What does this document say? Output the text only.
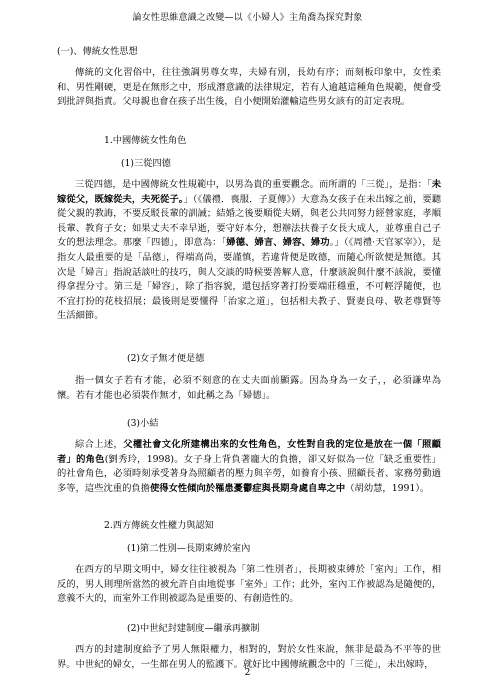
論女性思維意識之改變—以《小婦人》主角喬為探究對象
(一)、傳統女性思想

傳統的文化習俗中，往往強調男尊女卑，夫婦有別，長幼有序；而刻板印象中，女性柔和、男性剛硬，更是在無形之中，形成潛意識的法律規定，若有人逾越這種角色規範，便會受到批評與指責。父母親也會在孩子出生後，自小便開始灌輸這些男女該有的訂定表現。

1.中國傳統女性角色
(1)三從四德

三從四德，是中國傳統女性規範中，以男為貴的重要觀念。而所謂的「三從」，是指：「未嫁從父，既嫁從夫，夫死從子。」（《儀禮．喪服．子夏傳》）大意為女孩子在未出嫁之前，要聽從父親的教誨，不要反駁長輩的訓誡；結婚之後要順從夫婿，與老公共同努力經營家庭，孝順長輩、教育子女；如果丈夫不幸早逝，要守好本分，想辦法扶養子女長大成人，並尊重自己子女的想法理念。那麼「四德」，即意為：「婦德、婦言、婦容、婦功。」（《周禮·天官冢宰》），是指女人最重要的是「品德」，得端高尚，要謹慎，若違背便是敗德，而隨心所欲便是無德。其次是「婦言」指說話談吐的技巧，與人交談的時候要善解人意，什麼該說與什麼不該說，要懂得拿捏分寸。第三是「婦容」，除了指容貌，還包括穿著打扮要端莊穩重，不可輕浮隨便，也不宜打扮的花枝招展；最後則是要懂得「治家之道」，包括相夫教子、賢妻良母、敬老尊賢等生活細節。

(2)女子無才便是德

指一個女子若有才能，必須不刻意的在丈夫面前顯露。因為身為一女子，，必須謙卑為懷。若有才能也必須裝作無才，如此稱之為「婦德」。

(3)小結

綜合上述，父權社會文化所建構出來的女性角色，女性對自我的定位是放在一個「照顧者」的角色(劉秀玲，1998)。女子身上背負著龐大的負擔，卻又好似為一位「缺乏重要性」的社會角色，必須時刻承受著身為照顧者的壓力與辛勞，如養育小孩、照顧長者、家務勞動過多等，這些沈重的負擔使得女性傾向於罹患憂鬱症與長期身處自卑之中（胡幼慧，1991）。

2.西方傳統女性權力與認知
(1)第二性別—長期束縛於室內

在西方的早期文明中，婦女往往被視為「第二性別者」，長期被束縛於「室內」工作，相反的，男人則理所當然的被允許自由地從事「室外」工作；此外，室內工作被認為是隨便的，意義不大的，而室外工作則被認為是重要的、有創造性的。

(2)中世紀封建制度—繼承再擴制

西方的封建制度給予了男人無限權力，相對的，對於女性來說，無非是最為不平等的世界。中世紀的婦女，一生都在男人的監護下。就好比中國傳統觀念中的「三從」，未出嫁時，

2
